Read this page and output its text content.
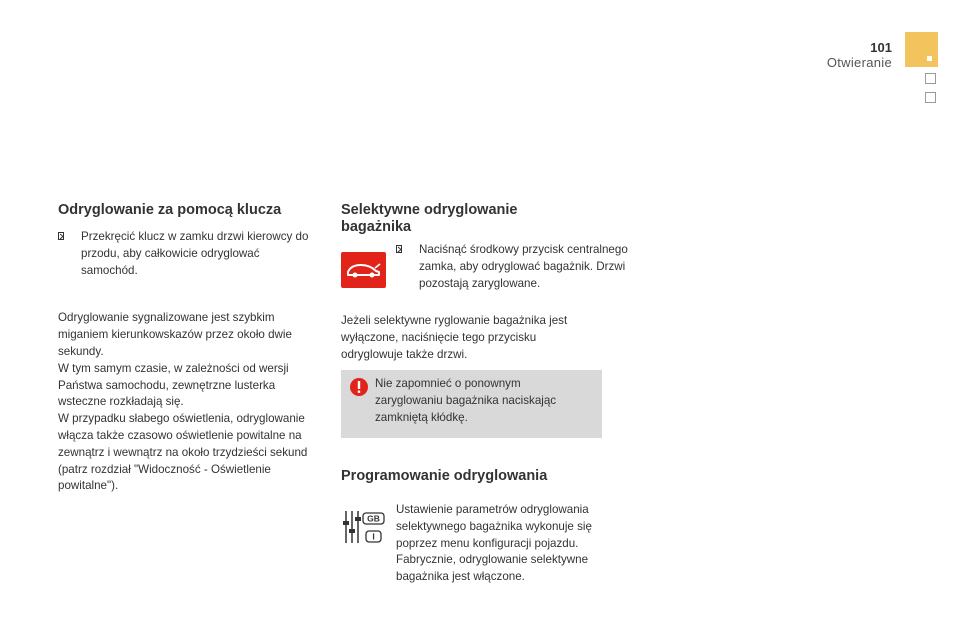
101
Otwieranie
Odryglowanie za pomocą klucza
Przekręcić klucz w zamku drzwi kierowcy do przodu, aby całkowicie odryglować samochód.
Odryglowanie sygnalizowane jest szybkim miganiem kierunkowskazów przez około dwie sekundy.
W tym samym czasie, w zależności od wersji Państwa samochodu, zewnętrzne lusterka wsteczne rozkładają się.
W przypadku słabego oświetlenia, odryglowanie włącza także czasowo oświetlenie powitalne na zewnątrz i wewnątrz na około trzydzieści sekund (patrz rozdział "Widoczność - Oświetlenie powitalne").
Selektywne odryglowanie
bagażnika
Naciśnąć środkowy przycisk centralnego zamka, aby odryglować bagażnik. Drzwi pozostają zaryglowane.
Jeżeli selektywne ryglowanie bagażnika jest wyłączone, naciśnięcie tego przycisku odryglowuje także drzwi.
Nie zapomnieć o ponownym zaryglowaniu bagażnika naciskając zamkniętą kłódkę.
Programowanie odryglowania
GB
I
Ustawienie parametrów odryglowania selektywnego bagażnika wykonuje się poprzez menu konfiguracji pojazdu.
Fabrycznie, odryglowanie selektywne bagażnika jest włączone.
